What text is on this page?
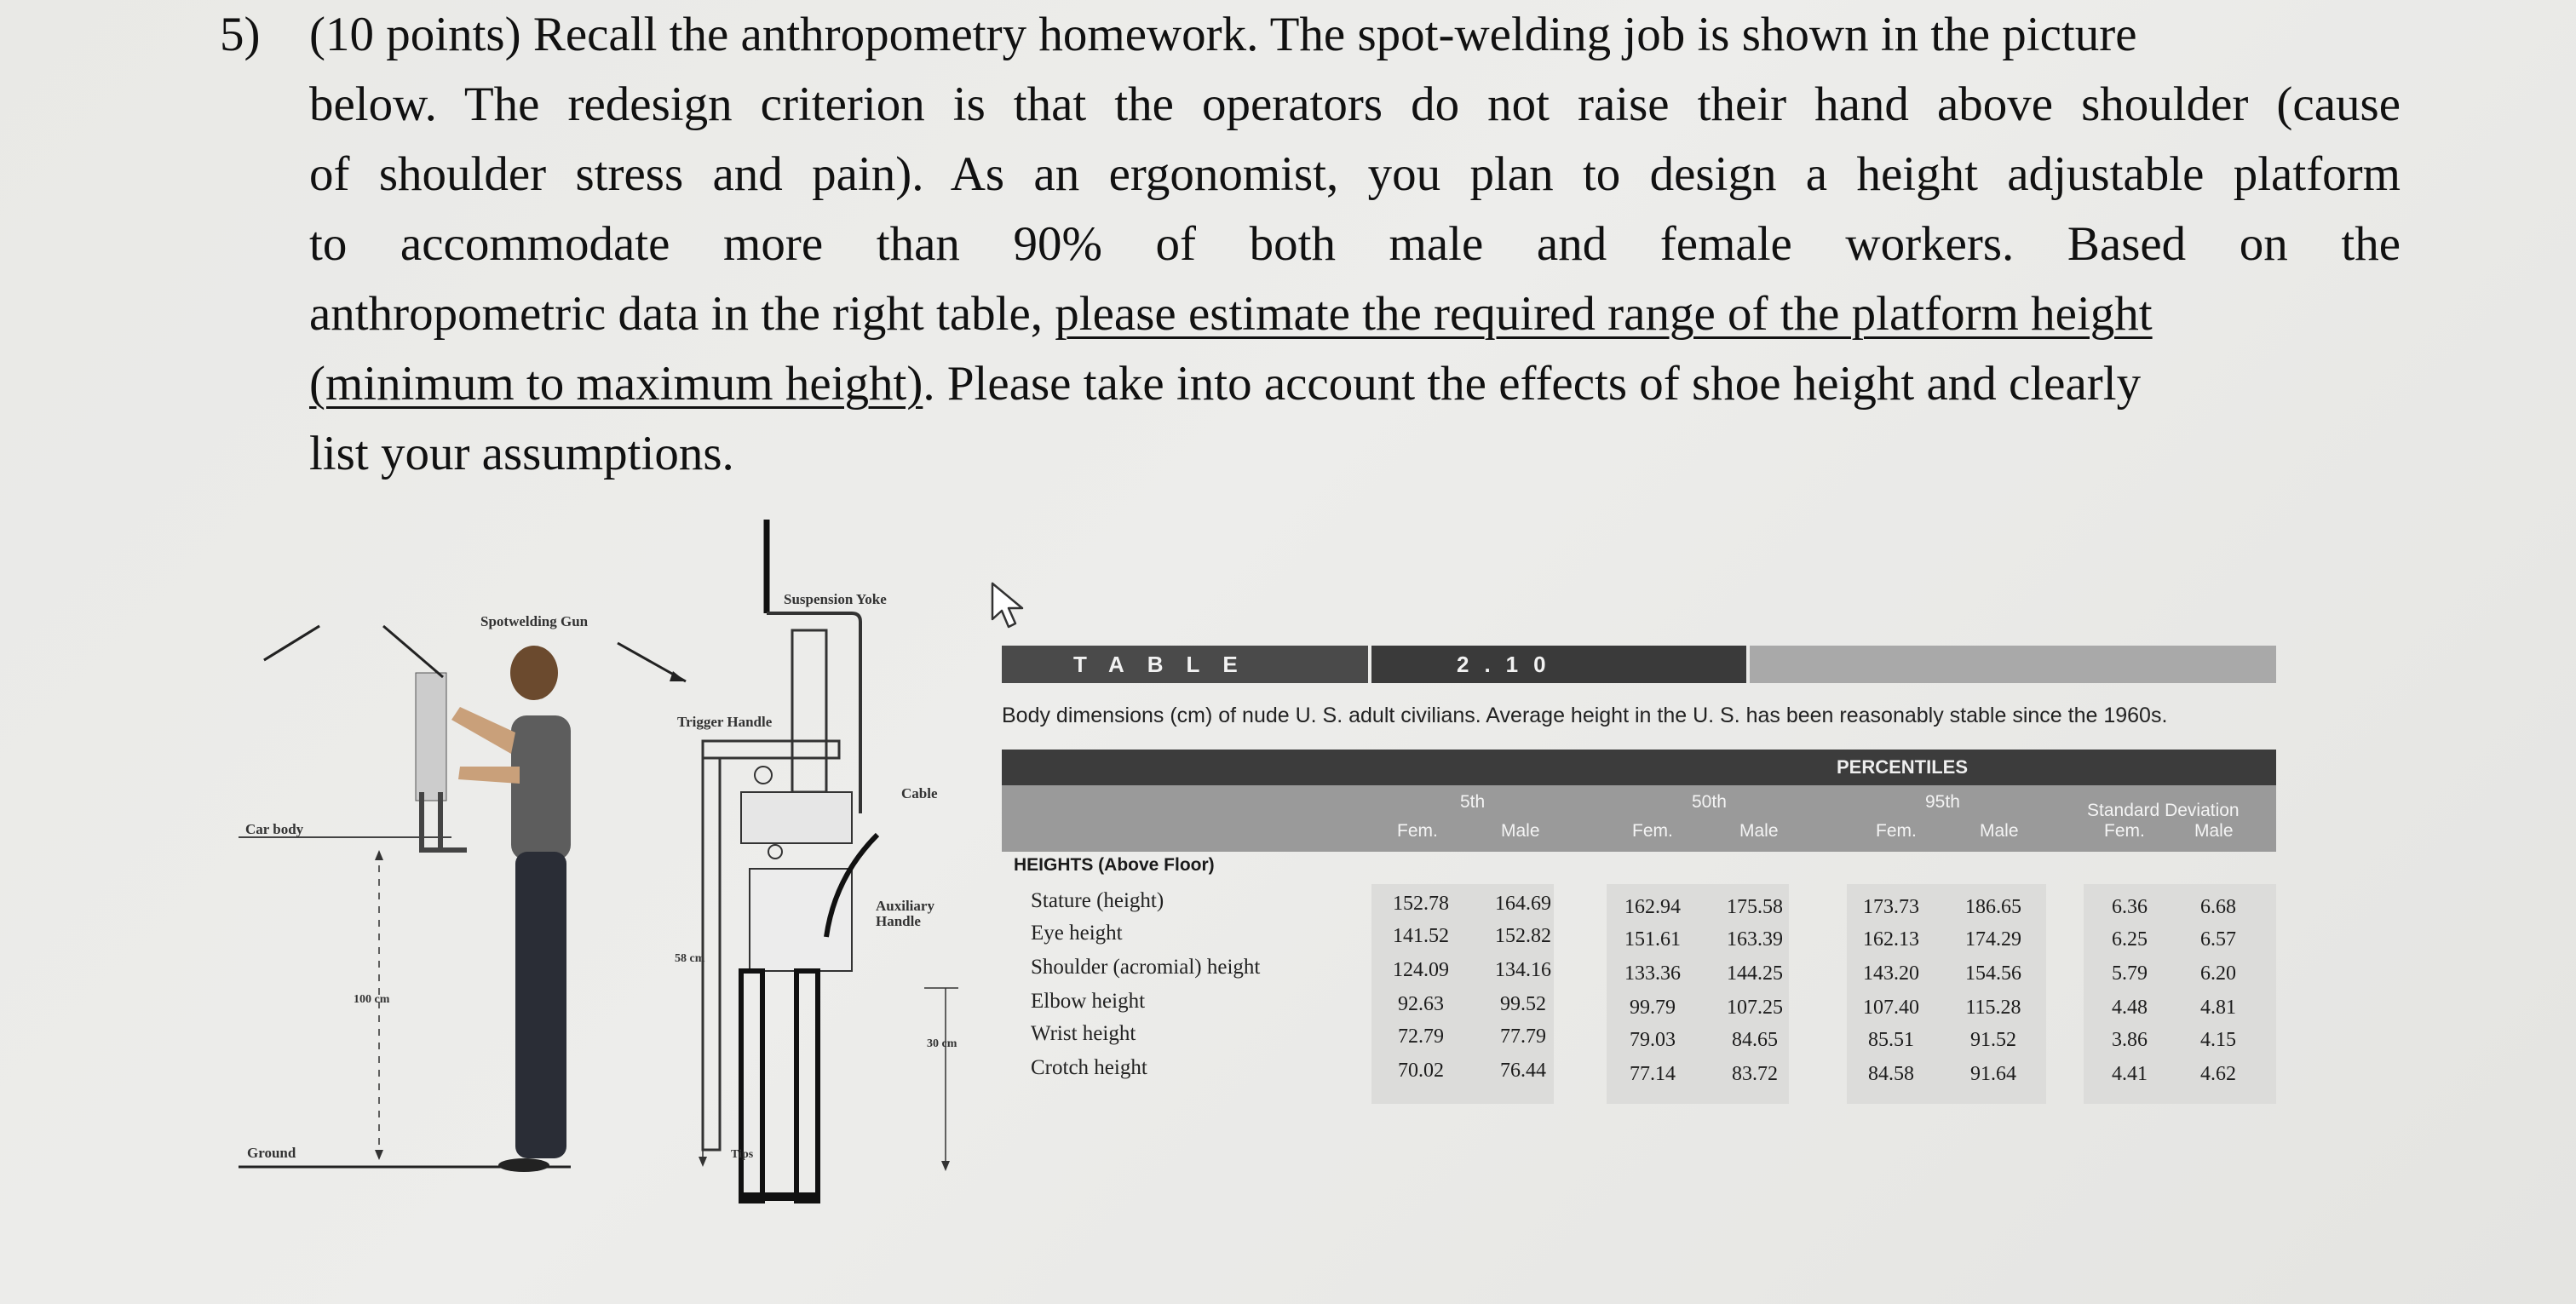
5) (10 points) Recall the anthropometry homework. The spot-welding job is shown in the picture
below. The redesign criterion is that the operators do not raise their hand above shoulder (cause
of shoulder stress and pain). As an ergonomist, you plan to design a height adjustable platform
to accommodate more than 90% of both male and female workers. Based on the
anthropometric data in the right table, please estimate the required range of the platform height
(minimum to maximum height). Please take into account the effects of shoe height and clearly
list your assumptions.
Spotwelding Gun
Suspension Yoke
Trigger Handle
Cable
Car body
Auxiliary Handle
58 cm
100 cm
30 cm
Ground	Tips
TABLE	2.10
Body dimensions (cm) of nude U. S. adult civilians. Average height in the U. S. has been reasonably stable since the 1960s.
PERCENTILES
5th	50th	95th	Standard Deviation
Fem.	Male	Fem.	Male	Fem.	Male	Fem.	Male
HEIGHTS (Above Floor)
Stature (height)	152.78 164.69	162.94 175.58	173.73 186.65	6.36	6.68
Eye height	141.52 152.82	151.61 163.39	162.13 174.29	6.25	6.57
Shoulder (acromial) height	124.09 134.16	133.36 144.25	143.20 154.56	5.79	6.20
Elbow height	92.63	99.52	99.79	107.25	107.40	115.28	4.48	4.81
Wrist height	72.79	77.79	79.03	84.65	85.51	91.52	3.86	4.15
Crotch height	70.02	76.44	77.14	83.72	84.58	91.64	4.41	4.62
